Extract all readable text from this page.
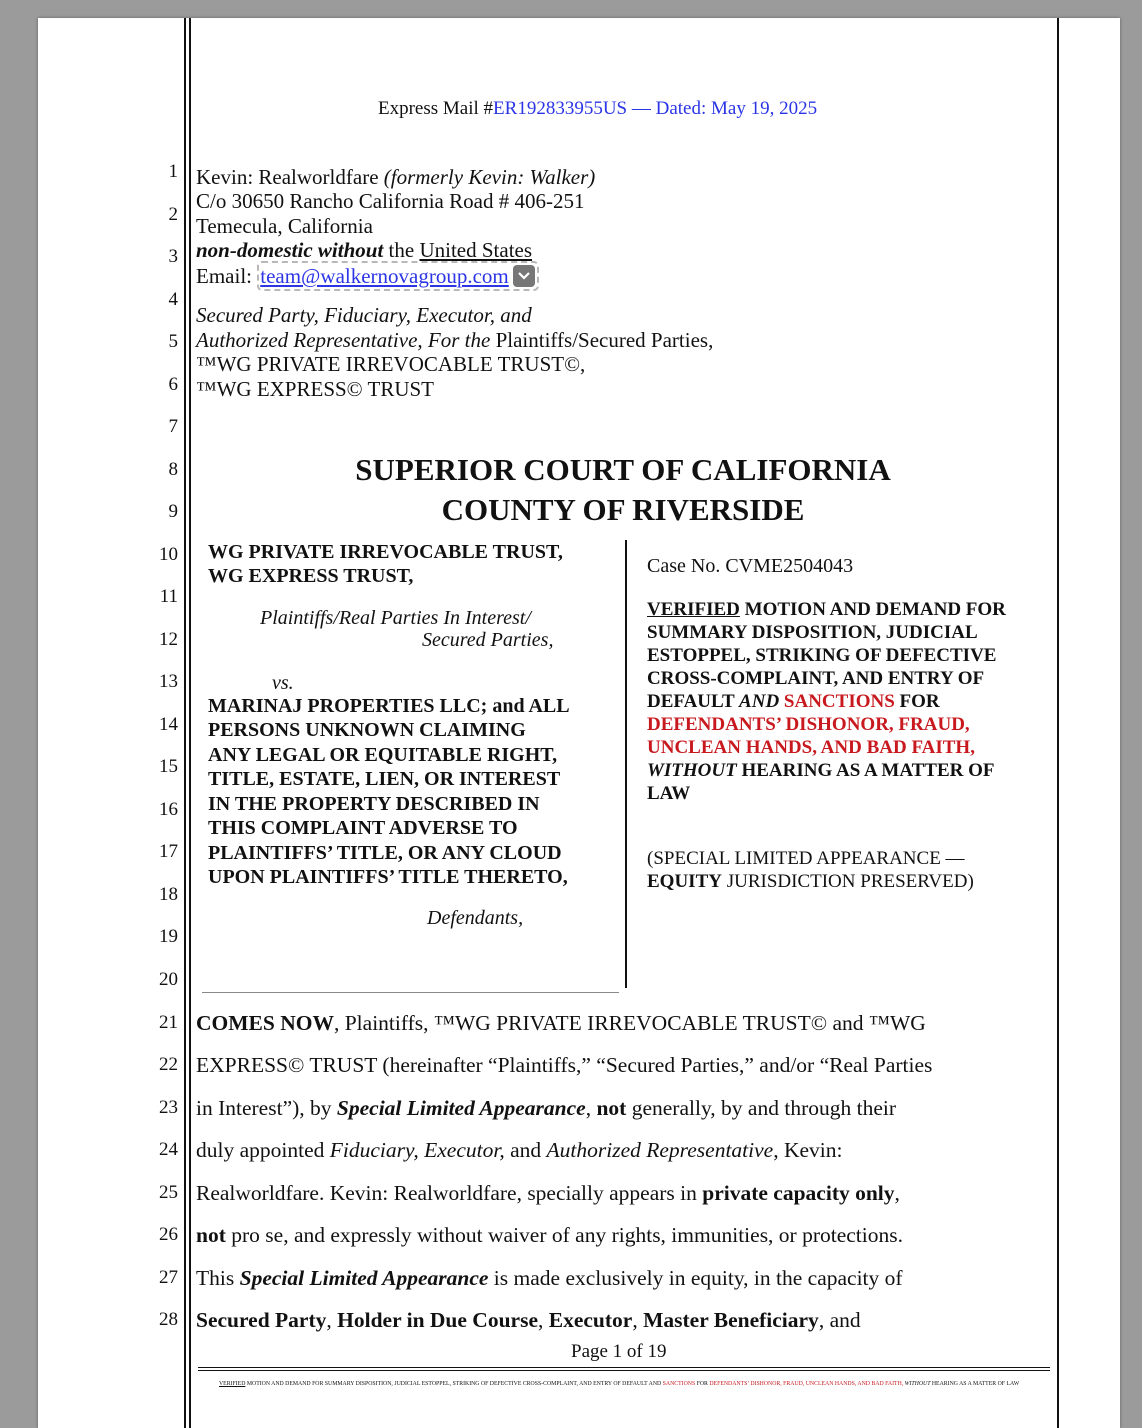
Express Mail #ER192833955US — Dated: May 19, 2025
1
2
3
4
5
6
7
8
9
10
11
12
13
14
15
16
17
18
19
20
21
22
23
24
25
26
27
28
Kevin: Realworldfare (formerly Kevin: Walker)
C/o 30650 Rancho California Road # 406-251
Temecula, California
non-domestic without the United States
Email: team@walkernovagroup.com
Secured Party, Fiduciary, Executor, and
Authorized Representative, For the Plaintiffs/Secured Parties,
™WG PRIVATE IRREVOCABLE TRUST©,
™WG EXPRESS© TRUST
SUPERIOR COURT OF CALIFORNIA
COUNTY OF RIVERSIDE
WG PRIVATE IRREVOCABLE TRUST,
WG EXPRESS TRUST,
Plaintiffs/Real Parties In Interest/
Secured Parties,
vs.
MARINAJ PROPERTIES LLC; and ALL
PERSONS UNKNOWN CLAIMING
ANY LEGAL OR EQUITABLE RIGHT,
TITLE, ESTATE, LIEN, OR INTEREST
IN THE PROPERTY DESCRIBED IN
THIS COMPLAINT ADVERSE TO
PLAINTIFFS’ TITLE, OR ANY CLOUD
UPON PLAINTIFFS’ TITLE THERETO,
Defendants,
Case No. CVME2504043
VERIFIED MOTION AND DEMAND FOR
SUMMARY DISPOSITION, JUDICIAL
ESTOPPEL, STRIKING OF DEFECTIVE
CROSS-COMPLAINT, AND ENTRY OF
DEFAULT AND SANCTIONS FOR
DEFENDANTS’ DISHONOR, FRAUD,
UNCLEAN HANDS, AND BAD FAITH,
WITHOUT HEARING AS A MATTER OF
LAW
(SPECIAL LIMITED APPEARANCE —
EQUITY JURISDICTION PRESERVED)
COMES NOW, Plaintiffs, ™WG PRIVATE IRREVOCABLE TRUST© and ™WG
EXPRESS© TRUST (hereinafter “Plaintiffs,” “Secured Parties,” and/or “Real Parties
in Interest”), by Special Limited Appearance, not generally, by and through their
duly appointed Fiduciary, Executor, and Authorized Representative, Kevin:
Realworldfare. Kevin: Realworldfare, specially appears in private capacity only,
not pro se, and expressly without waiver of any rights, immunities, or protections.
This Special Limited Appearance is made exclusively in equity, in the capacity of
Secured Party, Holder in Due Course, Executor, Master Beneficiary, and
Page 1 of 19
VERIFIED MOTION AND DEMAND FOR SUMMARY DISPOSITION, JUDICIAL ESTOPPEL, STRIKING OF DEFECTIVE CROSS-COMPLAINT, AND ENTRY OF DEFAULT AND SANCTIONS FOR DEFENDANTS’ DISHONOR, FRAUD, UNCLEAN HANDS, AND BAD FAITH, WITHOUT HEARING AS A MATTER OF LAW
